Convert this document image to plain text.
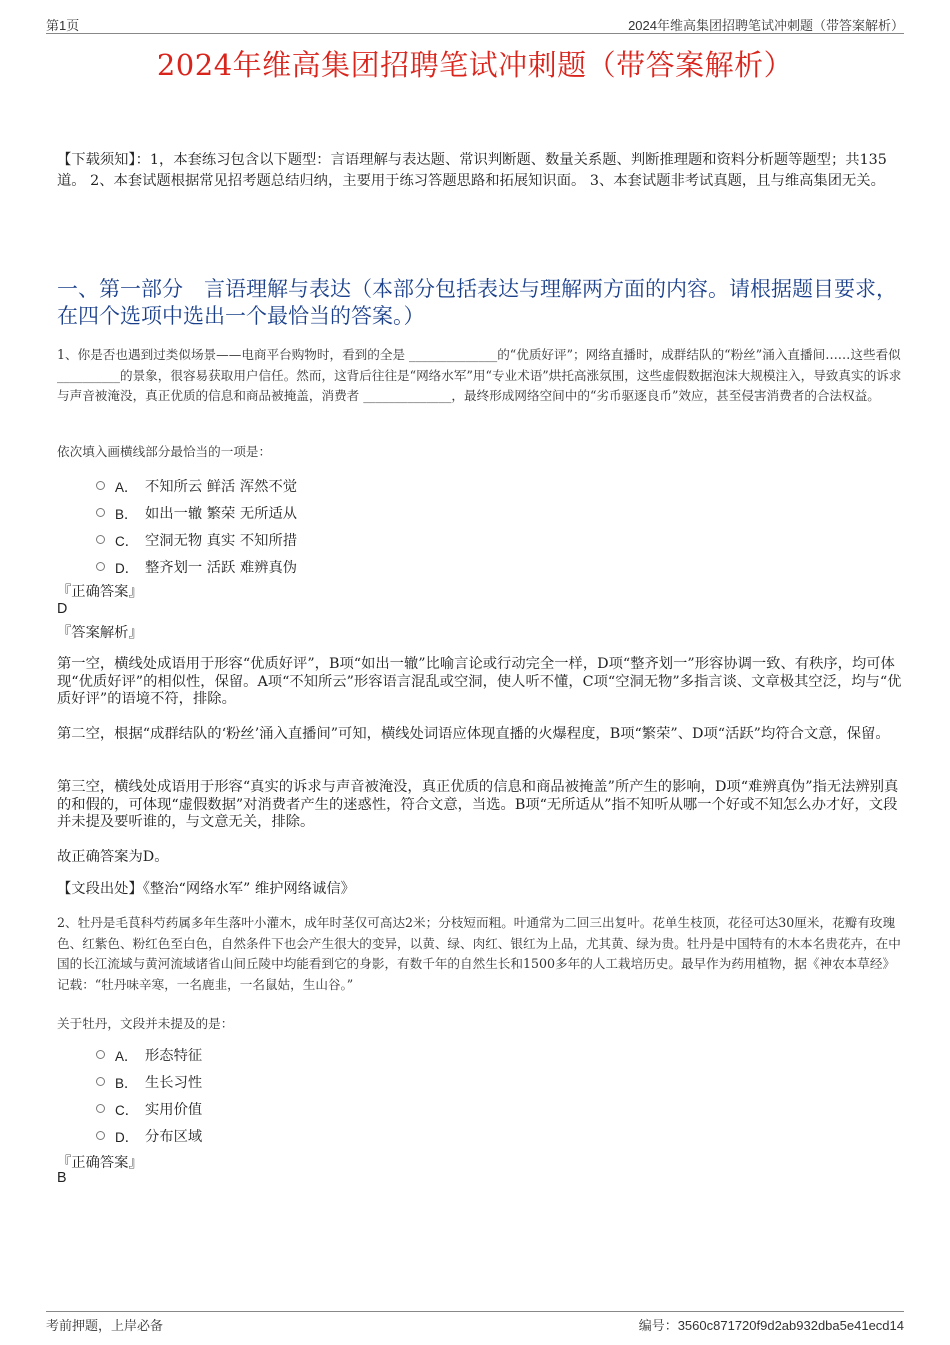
第1页	2024年维高集团招聘笔试冲刺题（带答案解析）
2024年维高集团招聘笔试冲刺题（带答案解析）
【下载须知】：1，本套练习包含以下题型：言语理解与表达题、常识判断题、数量关系题、判断推理题和资料分析题等题型；共135道。 2、本套试题根据常见招考题总结归纳，主要用于练习答题思路和拓展知识面。 3、本套试题非考试真题，且与维高集团无关。
一、第一部分　言语理解与表达（本部分包括表达与理解两方面的内容。请根据题目要求，在四个选项中选出一个最恰当的答案。）
1、你是否也遇到过类似场景——电商平台购物时，看到的全是 ______________的“优质好评”；网络直播时，成群结队的“粉丝”涌入直播间……这些看似 __________的景象，很容易获取用户信任。然而，这背后往往是“网络水军”用“专业术语”烘托高涨氛围，这些虚假数据泡沫大规模注入，导致真实的诉求与声音被淹没，真正优质的信息和商品被掩盖，消费者 ______________，最终形成网络空间中的“劣币驱逐良币”效应，甚至侵害消费者的合法权益。
依次填入画横线部分最恰当的一项是：
A． 不知所云 鲜活 浑然不觉
B． 如出一辙 繁荣 无所适从
C． 空洞无物 真实 不知所措
D． 整齐划一 活跃 难辨真伪
『正确答案』
D
『答案解析』
第一空，横线处成语用于形容“优质好评”，B项“如出一辙”比喻言论或行动完全一样，D项“整齐划一”形容协调一致、有秩序，均可体现“优质好评”的相似性，保留。A项“不知所云”形容语言混乱或空洞，使人听不懂，C项“空洞无物”多指言谈、文章极其空泛，均与“优质好评”的语境不符，排除。
第二空，根据“成群结队的‘粉丝’涌入直播间”可知，横线处词语应体现直播的火爆程度，B项“繁荣”、D项“活跃”均符合文意，保留。
第三空，横线处成语用于形容“真实的诉求与声音被淹没，真正优质的信息和商品被掩盖”所产生的影响，D项“难辨真伪”指无法辨别真的和假的，可体现“虚假数据”对消费者产生的迷惑性，符合文意，当选。B项“无所适从”指不知听从哪一个好或不知怎么办才好，文段并未提及要听谁的，与文意无关，排除。
故正确答案为D。
【文段出处】《整治“网络水军” 维护网络诚信》
2、牡丹是毛茛科芍药属多年生落叶小灌木，成年时茎仅可高达2米；分枝短而粗。叶通常为二回三出复叶。花单生枝顶，花径可达30厘米，花瓣有玫瑰色、红紫色、粉红色至白色，自然条件下也会产生很大的变异，以黄、绿、肉红、银红为上品，尤其黄、绿为贵。牡丹是中国特有的木本名贵花卉，在中国的长江流域与黄河流域诸省山间丘陵中均能看到它的身影，有数千年的自然生长和1500多年的人工栽培历史。最早作为药用植物，据《神农本草经》记载：“牡丹味辛寒，一名鹿韭，一名鼠姑，生山谷。”
关于牡丹，文段并未提及的是：
A． 形态特征
B． 生长习性
C． 实用价值
D． 分布区域
『正确答案』
B
考前押题，上岸必备	编号：3560c871720f9d2ab932dba5e41ecd14
